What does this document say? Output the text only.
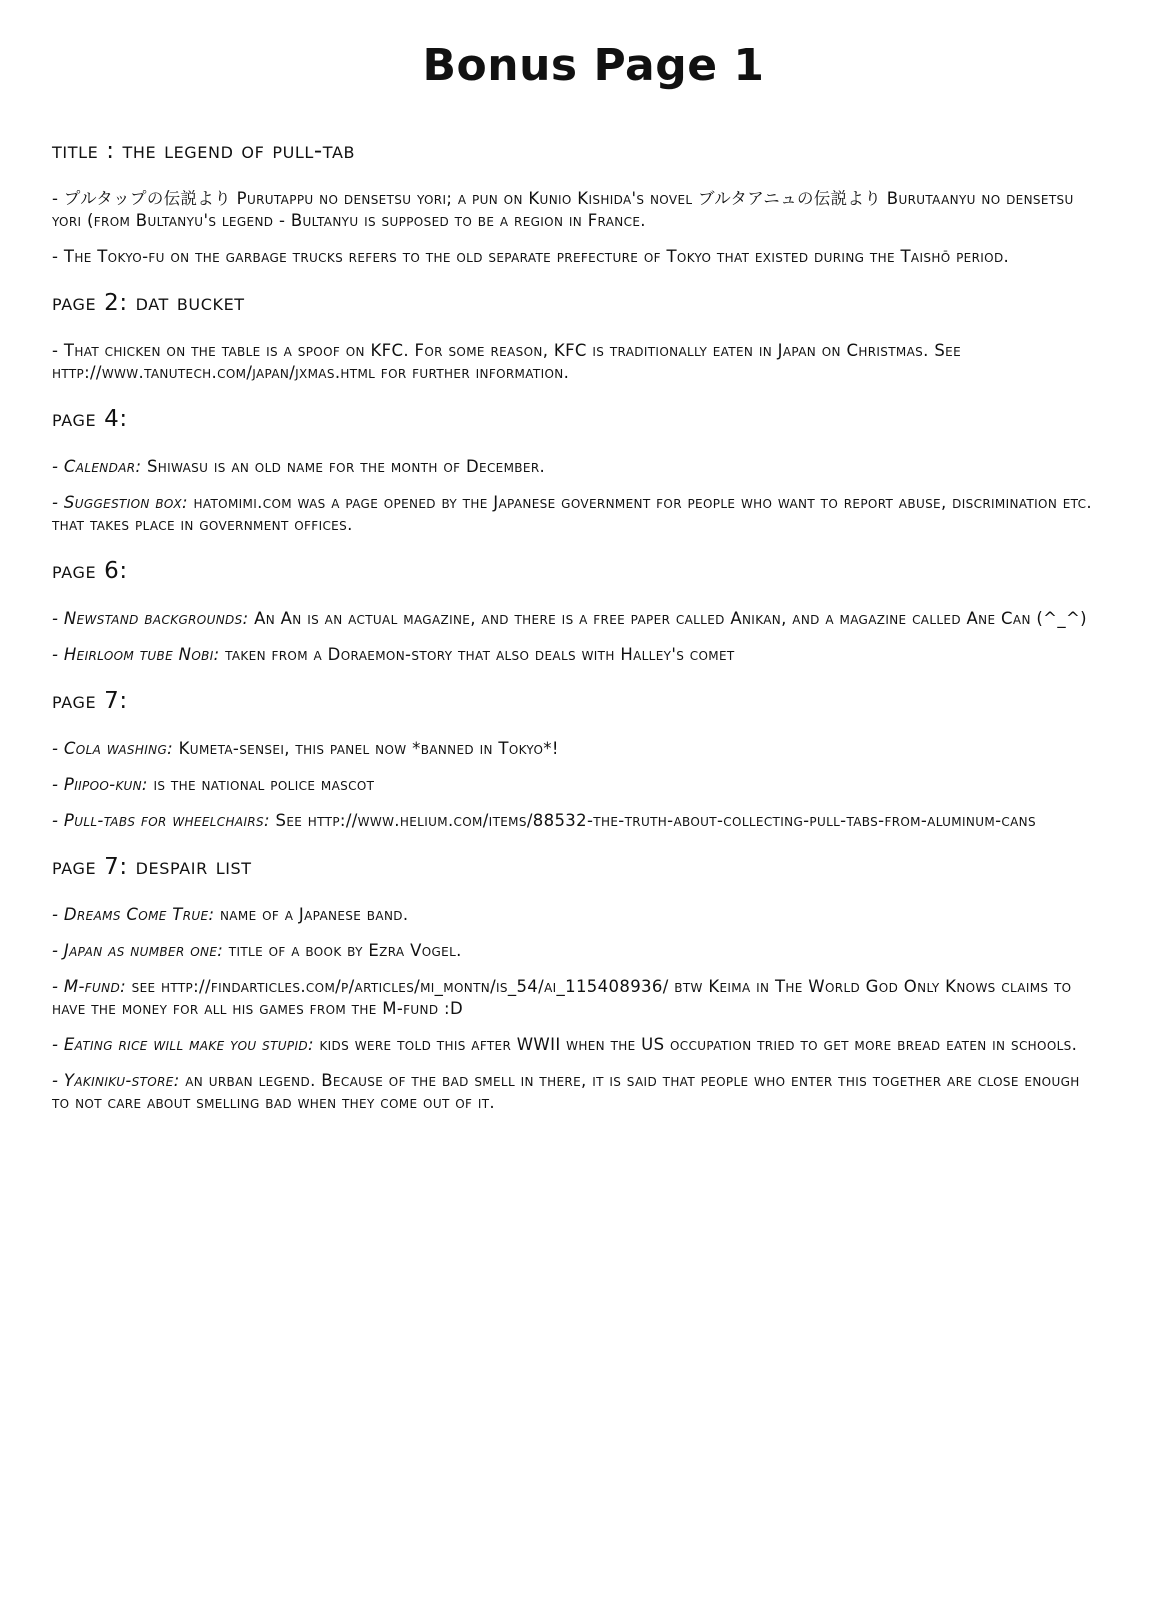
Bonus Page 1
title : the legend of pull-tab

- プルタップの伝説より Purutappu no densetsu yori; a pun on Kunio Kishida's novel ブルタアニュの伝説より Burutaanyu no densetsu yori (from Bultanyu's legend - Bultanyu is supposed to be a region in France.

- The Tokyo-fu on the garbage trucks refers to the old separate prefecture of Tokyo that existed during the Taishō period.

page 2: dat bucket

- That chicken on the table is a spoof on KFC. For some reason, KFC is traditionally eaten in Japan on Christmas. See http://www.tanutech.com/japan/jxmas.html for further information.

page 4:

- Calendar: Shiwasu is an old name for the month of December.

- Suggestion box: hatomimi.com was a page opened by the Japanese government for people who want to report abuse, discrimination etc. that takes place in government offices.

page 6:

- Newstand backgrounds: An An is an actual magazine, and there is a free paper called Anikan, and a magazine called Ane Can (^_^)

- Heirloom tube Nobi: taken from a Doraemon-story that also deals with Halley's comet

page 7:

- Cola washing: Kumeta-sensei, this panel now *banned in Tokyo*!

- Piipoo-kun: is the national police mascot

- Pull-tabs for wheelchairs: See http://www.helium.com/items/88532-the-truth-about-collecting-pull-tabs-from-aluminum-cans

page 7: despair list

- Dreams Come True: name of a Japanese band.

- Japan as number one: title of a book by Ezra Vogel.

- M-fund: see http://findarticles.com/p/articles/mi_montn/is_54/ai_115408936/ btw Keima in The World God Only Knows claims to have the money for all his games from the M-fund :D

- Eating rice will make you stupid: kids were told this after WWII when the US occupation tried to get more bread eaten in schools.

- Yakiniku-store: an urban legend. Because of the bad smell in there, it is said that people who enter this together are close enough to not care about smelling bad when they come out of it.
